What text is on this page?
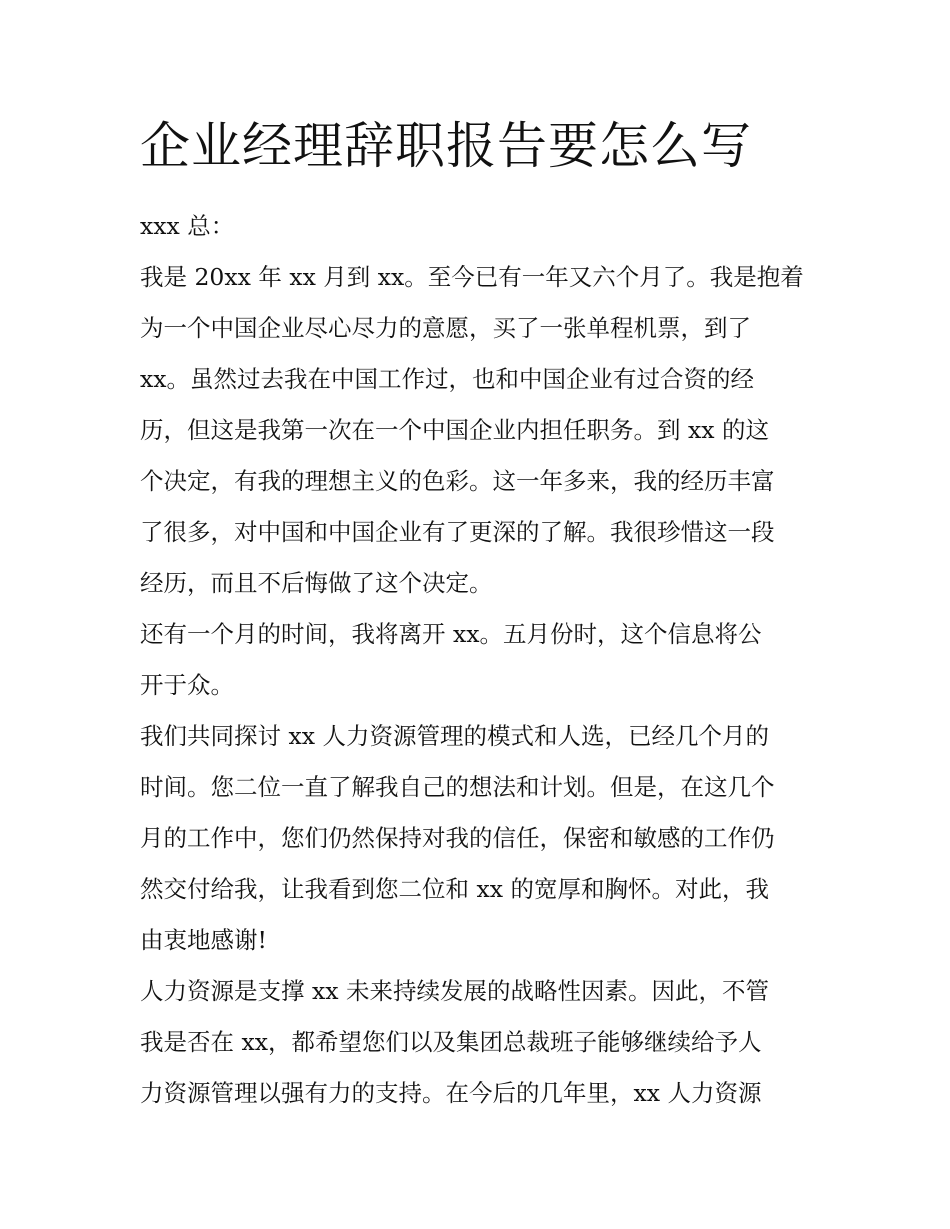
企业经理辞职报告要怎么写
xxx 总：
我是 20xx 年 xx 月到 xx。至今已有一年又六个月了。我是抱着
为一个中国企业尽心尽力的意愿，买了一张单程机票，到了
xx。虽然过去我在中国工作过，也和中国企业有过合资的经
历，但这是我第一次在一个中国企业内担任职务。到 xx 的这
个决定，有我的理想主义的色彩。这一年多来，我的经历丰富
了很多，对中国和中国企业有了更深的了解。我很珍惜这一段
经历，而且不后悔做了这个决定。
还有一个月的时间，我将离开 xx。五月份时，这个信息将公
开于众。
我们共同探讨 xx 人力资源管理的模式和人选，已经几个月的
时间。您二位一直了解我自己的想法和计划。但是，在这几个
月的工作中，您们仍然保持对我的信任，保密和敏感的工作仍
然交付给我，让我看到您二位和 xx 的宽厚和胸怀。对此，我
由衷地感谢!
人力资源是支撑 xx 未来持续发展的战略性因素。因此，不管
我是否在 xx，都希望您们以及集团总裁班子能够继续给予人
力资源管理以强有力的支持。在今后的几年里，xx 人力资源
